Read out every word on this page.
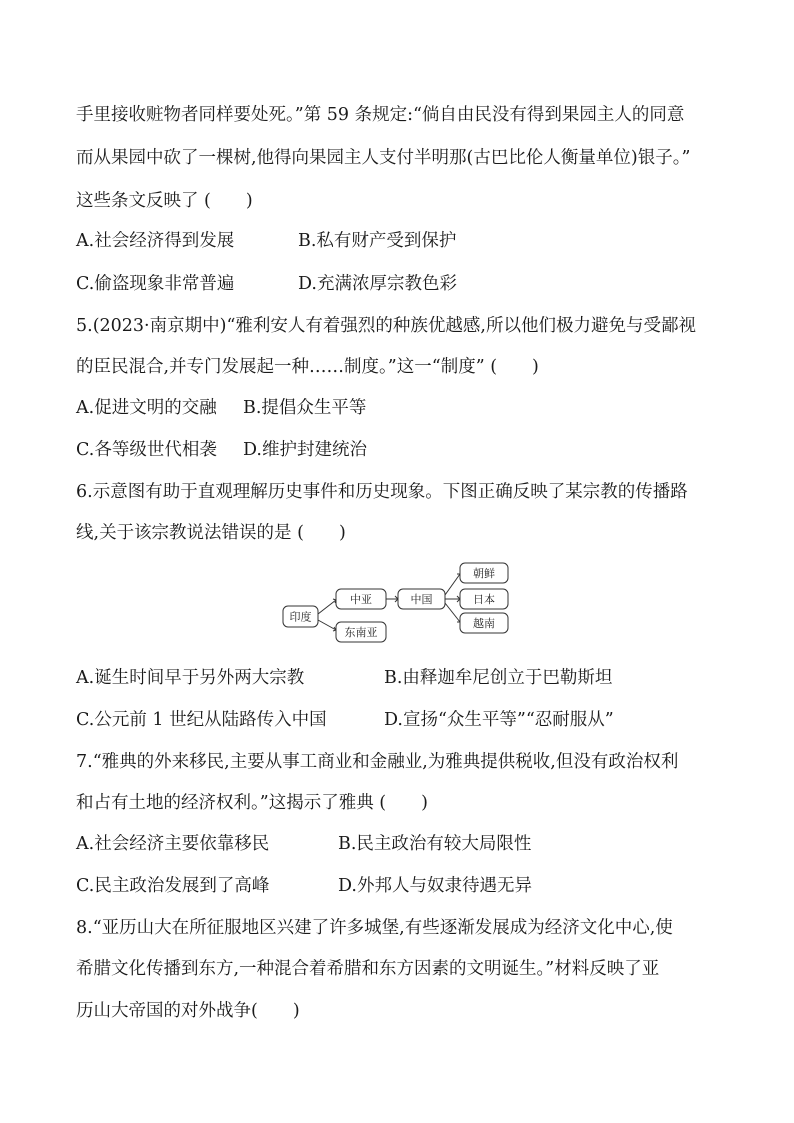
手里接收赃物者同样要处死。”第 59 条规定:“倘自由民没有得到果园主人的同意
而从果园中砍了一棵树,他得向果园主人支付半明那(古巴比伦人衡量单位)银子。”
这些条文反映了 (　　)
A.社会经济得到发展	B.私有财产受到保护
C.偷盗现象非常普遍	D.充满浓厚宗教色彩
5.(2023·南京期中)“雅利安人有着强烈的种族优越感,所以他们极力避免与受鄙视
的臣民混合,并专门发展起一种……制度。”这一“制度” (　　)
A.促进文明的交融 B.提倡众生平等
C.各等级世代相袭 D.维护封建统治
6.示意图有助于直观理解历史事件和历史现象。下图正确反映了某宗教的传播路
线,关于该宗教说法错误的是 (　　)
印度
中亚
东南亚
中国
朝鲜
日本
越南
A.诞生时间早于另外两大宗教	B.由释迦牟尼创立于巴勒斯坦
C.公元前 1 世纪从陆路传入中国	D.宣扬“众生平等”“忍耐服从”
7.“雅典的外来移民,主要从事工商业和金融业,为雅典提供税收,但没有政治权利
和占有土地的经济权利。”这揭示了雅典 (　　)
A.社会经济主要依靠移民	B.民主政治有较大局限性
C.民主政治发展到了高峰	D.外邦人与奴隶待遇无异
8.“亚历山大在所征服地区兴建了许多城堡,有些逐渐发展成为经济文化中心,使
希腊文化传播到东方,一种混合着希腊和东方因素的文明诞生。”材料反映了亚
历山大帝国的对外战争(　　)
